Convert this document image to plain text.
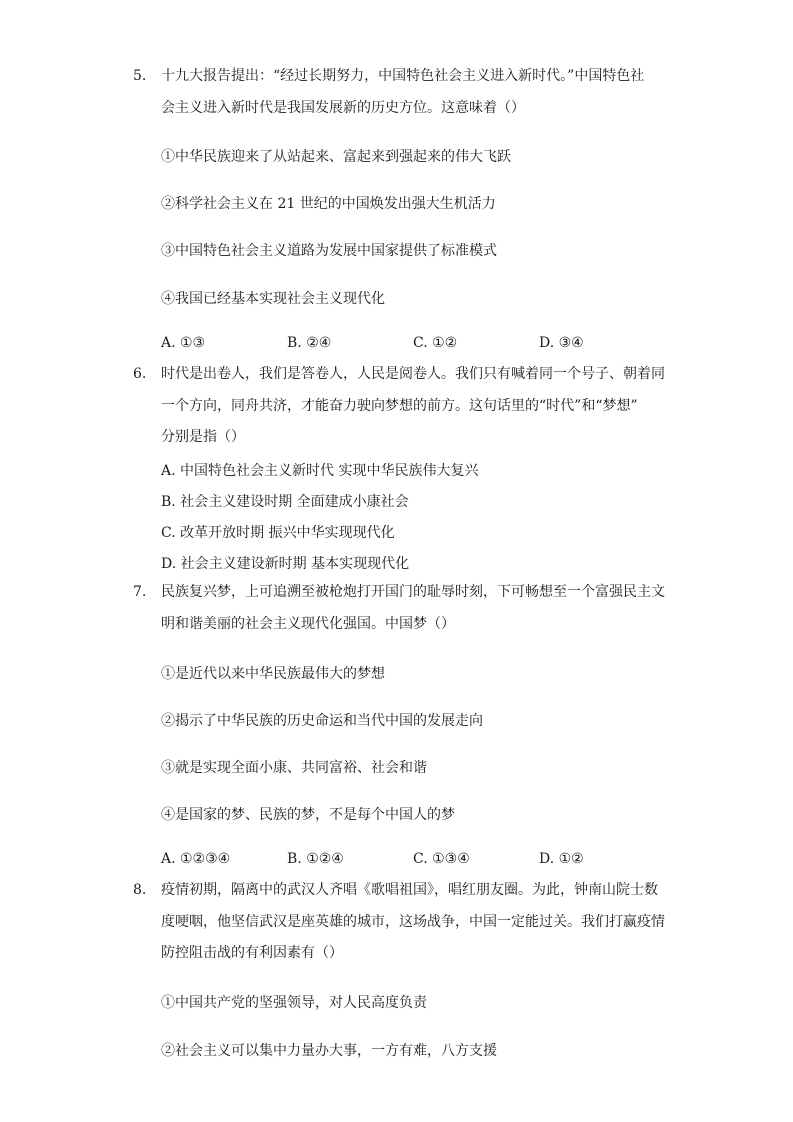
5.	十九大报告提出：“经过长期努力，中国特色社会主义进入新时代。”中国特色社
会主义进入新时代是我国发展新的历史方位。这意味着（）
①中华民族迎来了从站起来、富起来到强起来的伟大飞跃
②科学社会主义在 21 世纪的中国焕发出强大生机活力
③中国特色社会主义道路为发展中国家提供了标准模式
④我国已经基本实现社会主义现代化
A. ①③	B. ②④	C. ①②	D. ③④
6.	时代是出卷人，我们是答卷人，人民是阅卷人。我们只有喊着同一个号子、朝着同
一个方向，同舟共济，才能奋力驶向梦想的前方。这句话里的“时代”和“梦想”
分别是指（）
A. 中国特色社会主义新时代 实现中华民族伟大复兴
B. 社会主义建设时期 全面建成小康社会
C. 改革开放时期 振兴中华实现现代化
D. 社会主义建设新时期 基本实现现代化
7.	民族复兴梦，上可追溯至被枪炮打开国门的耻辱时刻，下可畅想至一个富强民主文
明和谐美丽的社会主义现代化强国。中国梦（）
①是近代以来中华民族最伟大的梦想
②揭示了中华民族的历史命运和当代中国的发展走向
③就是实现全面小康、共同富裕、社会和谐
④是国家的梦、民族的梦，不是每个中国人的梦
A. ①②③④	B. ①②④	C. ①③④	D. ①②
8.	疫情初期，隔离中的武汉人齐唱《歌唱祖国》，唱红朋友圈。为此，钟南山院士数
度哽咽，他坚信武汉是座英雄的城市，这场战争，中国一定能过关。我们打赢疫情
防控阻击战的有利因素有（）
①中国共产党的坚强领导，对人民高度负责
②社会主义可以集中力量办大事，一方有难，八方支援
